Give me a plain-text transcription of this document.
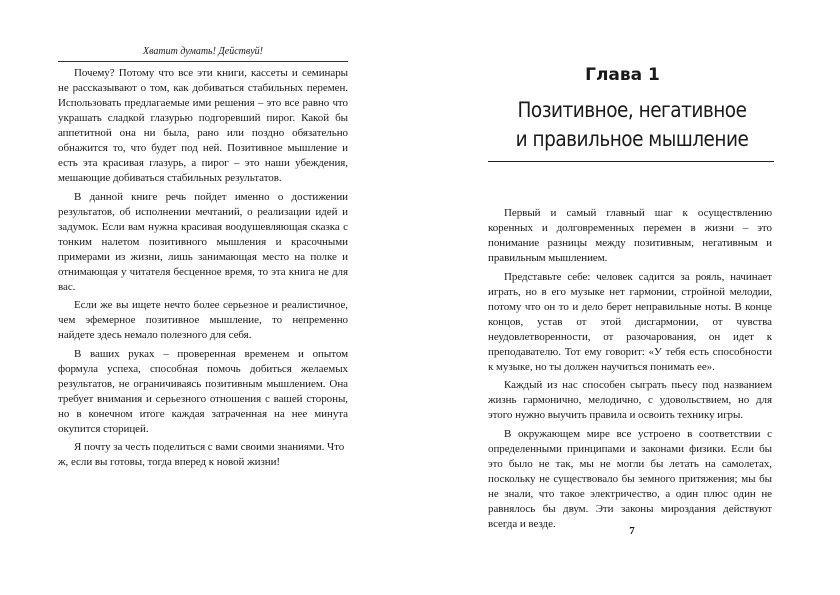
Хватит думать! Действуй!

Почему? Потому что все эти книги, кассеты и семинары не рассказывают о том, как добиваться стабильных перемен. Использовать предлагаемые ими решения – это все равно что украшать сладкой глазурью подгоревший пирог. Какой бы аппетитной она ни была, рано или поздно обязательно обнажится то, что будет под ней. Позитивное мышление и есть эта красивая глазурь, а пирог – это наши убеждения, мешающие добиваться стабильных результатов.

В данной книге речь пойдет именно о достижении результатов, об исполнении мечтаний, о реализации идей и задумок. Если вам нужна красивая воодушевляющая сказка с тонким налетом позитивного мышления и красочными примерами из жизни, лишь занимающая место на полке и отнимающая у читателя бесценное время, то эта книга не для вас.

Если же вы ищете нечто более серьезное и реалистичное, чем эфемерное позитивное мышление, то непременно найдете здесь немало полезного для себя.

В ваших руках – проверенная временем и опытом формула успеха, способная помочь добиться желаемых результатов, не ограничиваясь позитивным мышлением. Она требует внимания и серьезного отношения с вашей стороны, но в конечном итоге каждая затраченная на нее минута окупится сторицей.

Я почту за честь поделиться с вами своими знаниями. Что ж, если вы готовы, тогда вперед к новой жизни!

Глава 1
Позитивное, негативное
и правильное мышление

Первый и самый главный шаг к осуществлению коренных и долговременных перемен в жизни – это понимание разницы между позитивным, негативным и правильным мышлением.

Представьте себе: человек садится за рояль, начинает играть, но в его музыке нет гармонии, стройной мелодии, потому что он то и дело берет неправильные ноты. В конце концов, устав от этой дисгармонии, от чувства неудовлетворенности, от разочарования, он идет к преподавателю. Тот ему говорит: «У тебя есть способности к музыке, но ты должен научиться понимать ее».

Каждый из нас способен сыграть пьесу под названием жизнь гармонично, мелодично, с удовольствием, но для этого нужно выучить правила и освоить технику игры.

В окружающем мире все устроено в соответствии с определенными принципами и законами физики. Если бы это было не так, мы не могли бы летать на самолетах, поскольку не существовало бы земного притяжения; мы бы не знали, что такое электричество, а один плюс один не равнялось бы двум. Эти законы мироздания действуют всегда и везде.

7
